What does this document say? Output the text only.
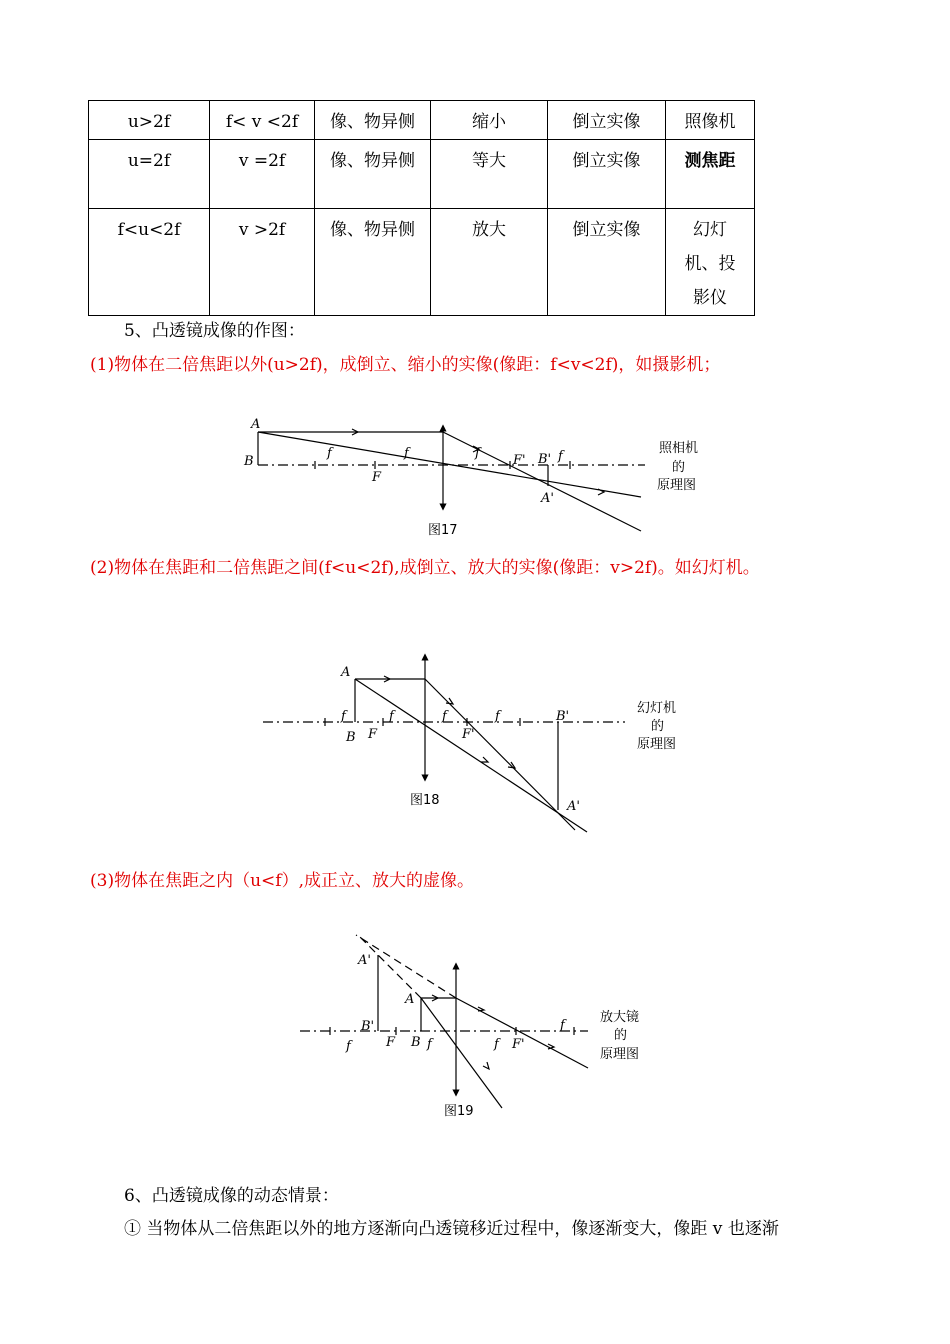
u>2f	f< v <2f	像、物异侧	缩小	倒立实像	照像机
u=2f	v =2f	像、物异侧	等大	倒立实像	测焦距
f<u<2f	v >2f	像、物异侧	放大	倒立实像	幻灯机、投影仪
5、凸透镜成像的作图：
(1)物体在二倍焦距以外(u>2f)，成倒立、缩小的实像(像距：f<v<2f)，如摄影机；
(2)物体在焦距和二倍焦距之间(f<u<2f),成倒立、放大的实像(像距：v>2f)。如幻灯机。
(3)物体在焦距之内（u<f）,成正立、放大的虚像。
6、凸透镜成像的动态情景：
① 当物体从二倍焦距以外的地方逐渐向凸透镜移近过程中，像逐渐变大，像距 v 也逐渐
A
B
f
F
f	f	F' B' f
A'
照相机
的
原理图
图17
A
B
f
F
f	f
F'
f	B'
A'
幻灯机
的
原理图
图18
A'
A
B'
f	F B f	f F'
f
放大镜
的
原理图
图19
